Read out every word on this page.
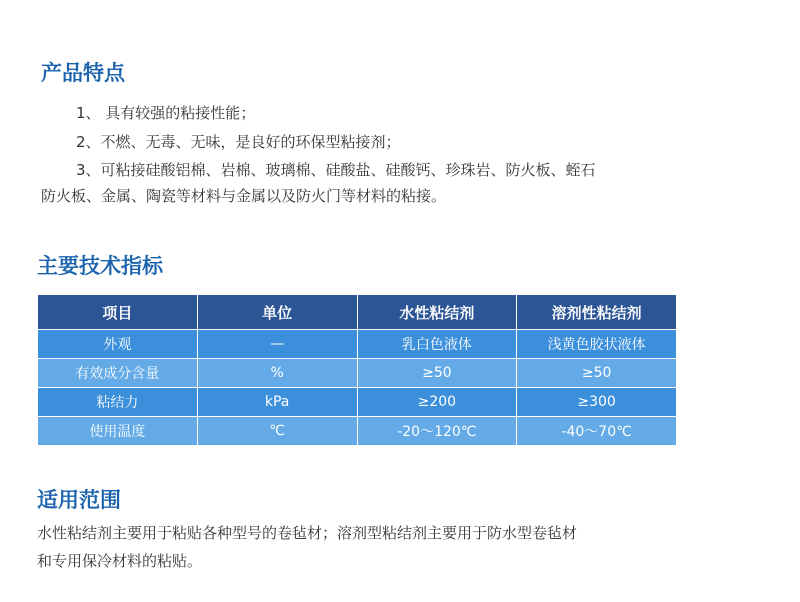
产品特点

1、 具有较强的粘接性能；

2、不燃、无毒、无味，是良好的环保型粘接剂；

3、可粘接硅酸铝棉、岩棉、玻璃棉、硅酸盐、硅酸钙、珍珠岩、防火板、蛭石

防火板、金属、陶瓷等材料与金属以及防火门等材料的粘接。

主要技术指标
项目	单位	水性粘结剂	溶剂性粘结剂
外观	—	乳白色液体	浅黄色胶状液体
有效成分含量	%	≥50	≥50
粘结力	kPa	≥200	≥300
使用温度	℃	-20～120℃	-40～70℃
适用范围

水性粘结剂主要用于粘贴各种型号的卷毡材；溶剂型粘结剂主要用于防水型卷毡材

和专用保冷材料的粘贴。
